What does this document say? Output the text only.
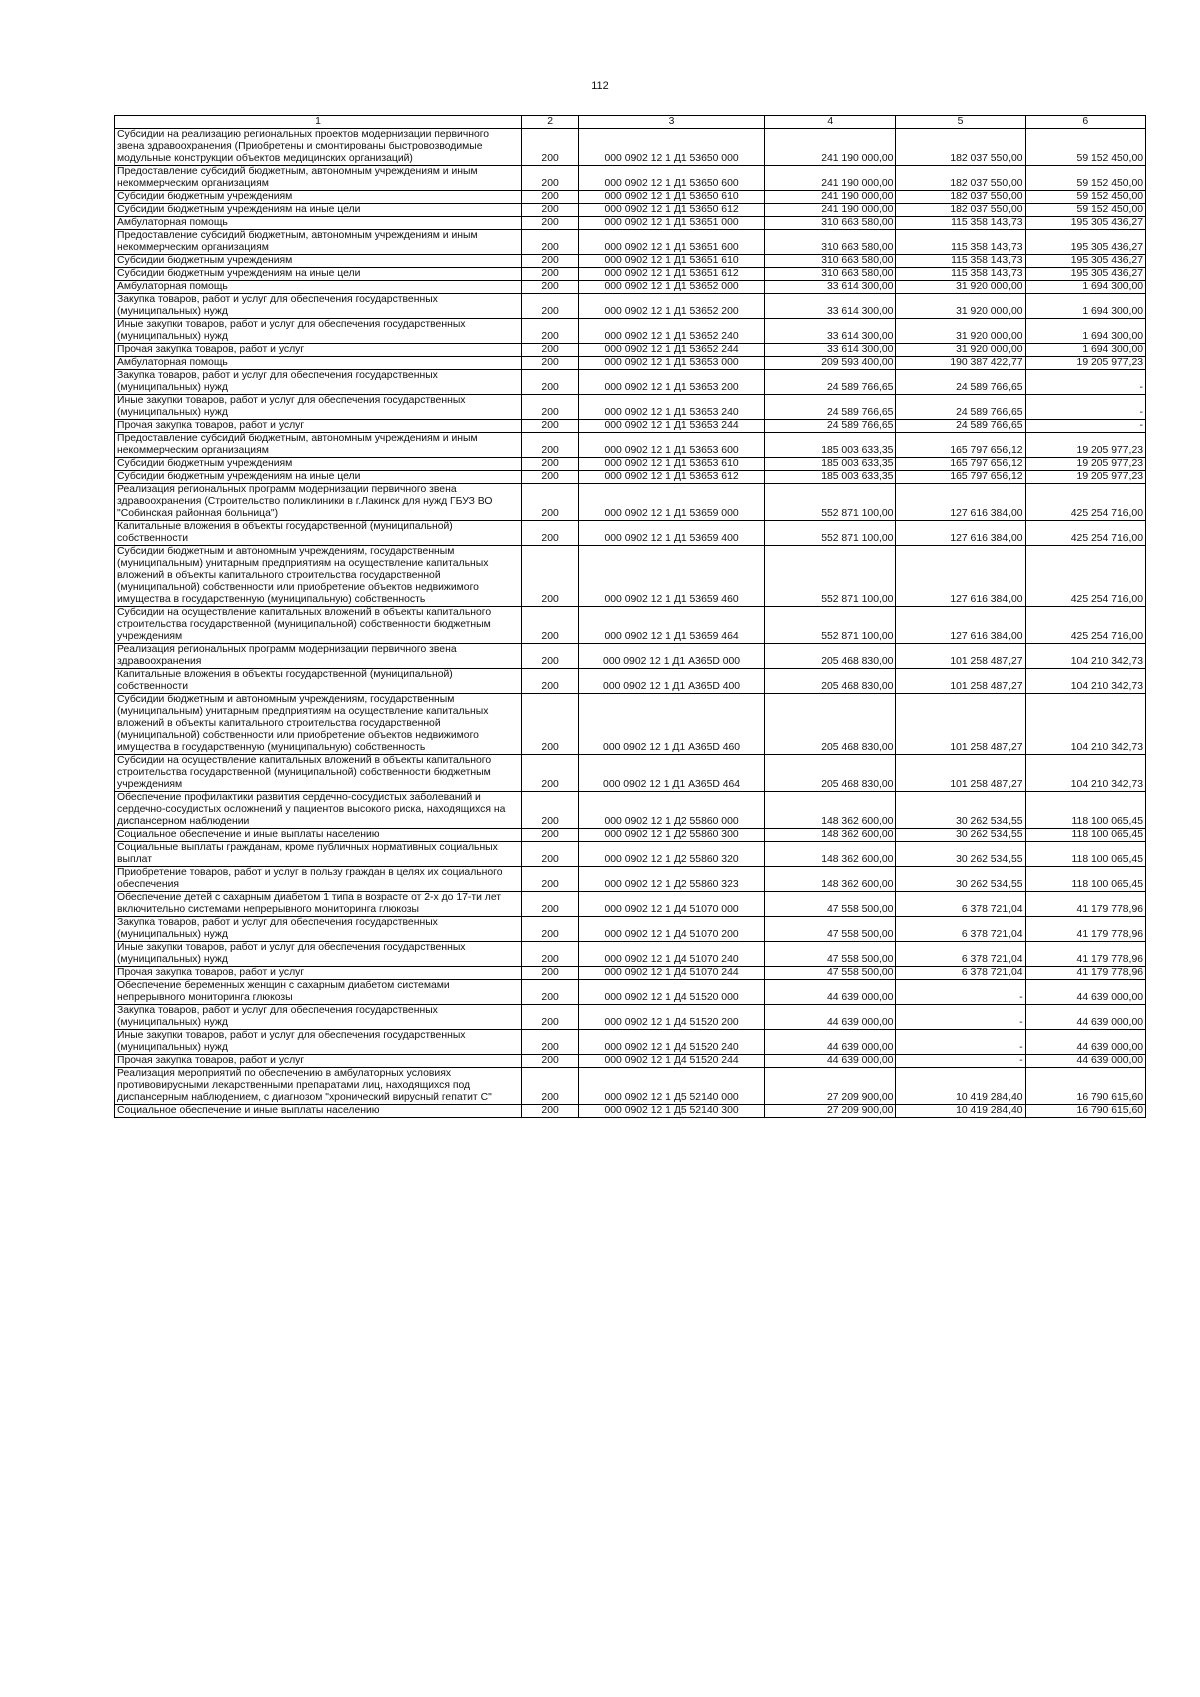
112
1	2	3	4	5	6
Субсидии на реализацию региональных проектов модернизации первичного звена здравоохранения (Приобретены и смонтированы быстровозводимые модульные конструкции объектов медицинских организаций)	200	000 0902 12 1 Д1 53650 000	241 190 000,00	182 037 550,00	59 152 450,00
Предоставление субсидий бюджетным, автономным учреждениям и иным некоммерческим организациям	200	000 0902 12 1 Д1 53650 600	241 190 000,00	182 037 550,00	59 152 450,00
Субсидии бюджетным учреждениям	200	000 0902 12 1 Д1 53650 610	241 190 000,00	182 037 550,00	59 152 450,00
Субсидии бюджетным учреждениям на иные цели	200	000 0902 12 1 Д1 53650 612	241 190 000,00	182 037 550,00	59 152 450,00
Амбулаторная помощь	200	000 0902 12 1 Д1 53651 000	310 663 580,00	115 358 143,73	195 305 436,27
Предоставление субсидий бюджетным, автономным учреждениям и иным некоммерческим организациям	200	000 0902 12 1 Д1 53651 600	310 663 580,00	115 358 143,73	195 305 436,27
Субсидии бюджетным учреждениям	200	000 0902 12 1 Д1 53651 610	310 663 580,00	115 358 143,73	195 305 436,27
Субсидии бюджетным учреждениям на иные цели	200	000 0902 12 1 Д1 53651 612	310 663 580,00	115 358 143,73	195 305 436,27
Амбулаторная помощь	200	000 0902 12 1 Д1 53652 000	33 614 300,00	31 920 000,00	1 694 300,00
Закупка товаров, работ и услуг для обеспечения государственных (муниципальных) нужд	200	000 0902 12 1 Д1 53652 200	33 614 300,00	31 920 000,00	1 694 300,00
Иные закупки товаров, работ и услуг для обеспечения государственных (муниципальных) нужд	200	000 0902 12 1 Д1 53652 240	33 614 300,00	31 920 000,00	1 694 300,00
Прочая закупка товаров, работ и услуг	200	000 0902 12 1 Д1 53652 244	33 614 300,00	31 920 000,00	1 694 300,00
Амбулаторная помощь	200	000 0902 12 1 Д1 53653 000	209 593 400,00	190 387 422,77	19 205 977,23
Закупка товаров, работ и услуг для обеспечения государственных (муниципальных) нужд	200	000 0902 12 1 Д1 53653 200	24 589 766,65	24 589 766,65	-
Иные закупки товаров, работ и услуг для обеспечения государственных (муниципальных) нужд	200	000 0902 12 1 Д1 53653 240	24 589 766,65	24 589 766,65	-
Прочая закупка товаров, работ и услуг	200	000 0902 12 1 Д1 53653 244	24 589 766,65	24 589 766,65	-
Предоставление субсидий бюджетным, автономным учреждениям и иным некоммерческим организациям	200	000 0902 12 1 Д1 53653 600	185 003 633,35	165 797 656,12	19 205 977,23
Субсидии бюджетным учреждениям	200	000 0902 12 1 Д1 53653 610	185 003 633,35	165 797 656,12	19 205 977,23
Субсидии бюджетным учреждениям на иные цели	200	000 0902 12 1 Д1 53653 612	185 003 633,35	165 797 656,12	19 205 977,23
Реализация региональных программ модернизации первичного звена здравоохранения (Строительство поликлиники в г.Лакинск для нужд ГБУЗ ВО "Собинская районная больница")	200	000 0902 12 1 Д1 53659 000	552 871 100,00	127 616 384,00	425 254 716,00
Капитальные вложения в объекты государственной (муниципальной) собственности	200	000 0902 12 1 Д1 53659 400	552 871 100,00	127 616 384,00	425 254 716,00
Субсидии бюджетным и автономным учреждениям, государственным (муниципальным) унитарным предприятиям на осуществление капитальных вложений в объекты капитального строительства государственной (муниципальной) собственности или приобретение объектов недвижимого имущества в государственную (муниципальную) собственность	200	000 0902 12 1 Д1 53659 460	552 871 100,00	127 616 384,00	425 254 716,00
Субсидии на осуществление капитальных вложений в объекты капитального строительства государственной (муниципальной) собственности бюджетным учреждениям	200	000 0902 12 1 Д1 53659 464	552 871 100,00	127 616 384,00	425 254 716,00
Реализация региональных программ модернизации первичного звена здравоохранения	200	000 0902 12 1 Д1 А365D 000	205 468 830,00	101 258 487,27	104 210 342,73
Капитальные вложения в объекты государственной (муниципальной) собственности	200	000 0902 12 1 Д1 А365D 400	205 468 830,00	101 258 487,27	104 210 342,73
Субсидии бюджетным и автономным учреждениям, государственным (муниципальным) унитарным предприятиям на осуществление капитальных вложений в объекты капитального строительства государственной (муниципальной) собственности или приобретение объектов недвижимого имущества в государственную (муниципальную) собственность	200	000 0902 12 1 Д1 А365D 460	205 468 830,00	101 258 487,27	104 210 342,73
Субсидии на осуществление капитальных вложений в объекты капитального строительства государственной (муниципальной) собственности бюджетным учреждениям	200	000 0902 12 1 Д1 А365D 464	205 468 830,00	101 258 487,27	104 210 342,73
Обеспечение профилактики развития сердечно-сосудистых заболеваний и сердечно-сосудистых осложнений у пациентов высокого риска, находящихся на диспансерном наблюдении	200	000 0902 12 1 Д2 55860 000	148 362 600,00	30 262 534,55	118 100 065,45
Социальное обеспечение и иные выплаты населению	200	000 0902 12 1 Д2 55860 300	148 362 600,00	30 262 534,55	118 100 065,45
Социальные выплаты гражданам, кроме публичных нормативных социальных выплат	200	000 0902 12 1 Д2 55860 320	148 362 600,00	30 262 534,55	118 100 065,45
Приобретение товаров, работ и услуг в пользу граждан в целях их социального обеспечения	200	000 0902 12 1 Д2 55860 323	148 362 600,00	30 262 534,55	118 100 065,45
Обеспечение детей с сахарным диабетом 1 типа в возрасте от 2-х до 17-ти лет включительно системами непрерывного мониторинга глюкозы	200	000 0902 12 1 Д4 51070 000	47 558 500,00	6 378 721,04	41 179 778,96
Закупка товаров, работ и услуг для обеспечения государственных (муниципальных) нужд	200	000 0902 12 1 Д4 51070 200	47 558 500,00	6 378 721,04	41 179 778,96
Иные закупки товаров, работ и услуг для обеспечения государственных (муниципальных) нужд	200	000 0902 12 1 Д4 51070 240	47 558 500,00	6 378 721,04	41 179 778,96
Прочая закупка товаров, работ и услуг	200	000 0902 12 1 Д4 51070 244	47 558 500,00	6 378 721,04	41 179 778,96
Обеспечение беременных женщин с сахарным диабетом системами непрерывного мониторинга глюкозы	200	000 0902 12 1 Д4 51520 000	44 639 000,00	-	44 639 000,00
Закупка товаров, работ и услуг для обеспечения государственных (муниципальных) нужд	200	000 0902 12 1 Д4 51520 200	44 639 000,00	-	44 639 000,00
Иные закупки товаров, работ и услуг для обеспечения государственных (муниципальных) нужд	200	000 0902 12 1 Д4 51520 240	44 639 000,00	-	44 639 000,00
Прочая закупка товаров, работ и услуг	200	000 0902 12 1 Д4 51520 244	44 639 000,00	-	44 639 000,00
Реализация мероприятий по обеспечению в амбулаторных условиях противовирусными лекарственными препаратами лиц, находящихся под диспансерным наблюдением, с диагнозом "хронический вирусный гепатит С"	200	000 0902 12 1 Д5 52140 000	27 209 900,00	10 419 284,40	16 790 615,60
Социальное обеспечение и иные выплаты населению	200	000 0902 12 1 Д5 52140 300	27 209 900,00	10 419 284,40	16 790 615,60
